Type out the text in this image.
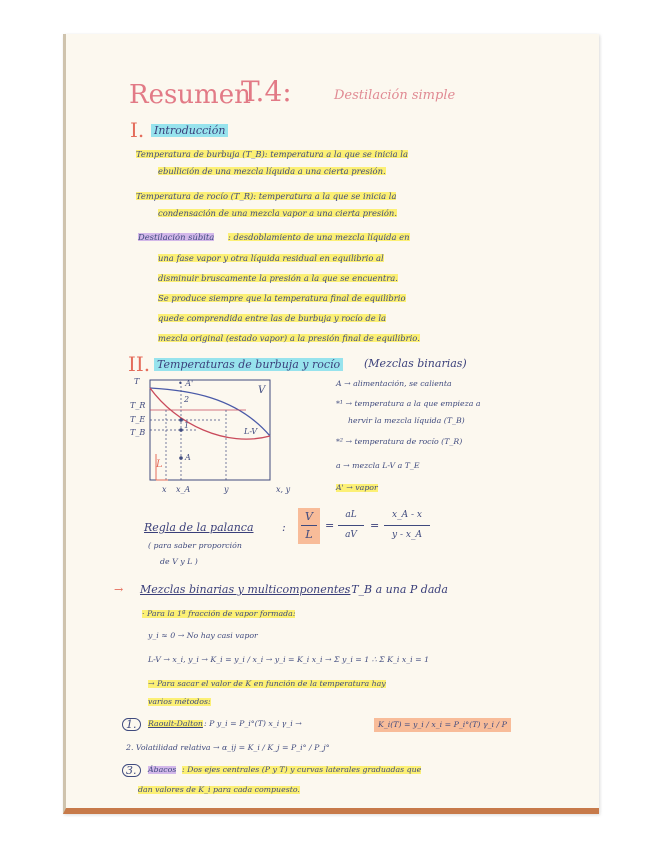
Resumen
T.4:	Destilación simple
I. Introducción
Temperatura de burbuja (T_B): temperatura a la que se inicia la
ebullición de una mezcla líquida a una cierta presión.
Temperatura de rocío (T_R): temperatura a la que se inicia la
condensación de una mezcla vapor a una cierta presión.
Destilación súbita : desdoblamiento de una mezcla líquida en
una fase vapor y otra líquida residual en equilibrio al
disminuir bruscamente la presión a la que se encuentra.
Se produce siempre que la temperatura final de equilibrio
quede comprendida entre las de burbuja y rocío de la
mezcla original (estado vapor) a la presión final de equilibrio.
II. Temperaturas de burbuja y rocío (Mezclas binarias)
T
T_R
T_E
T_B
• A'
2
1
A
V
L-V
L
x x_A	y	x, y
A → alimentación, se calienta
*¹ → temperatura a la que empieza a
hervir la mezcla líquida (T_B)
*² → temperatura de rocío (T_R)
a → mezcla L-V a T_E
A' → vapor
Regla de la palanca	:
( para saber proporción
de V y L )
V
L
=
aL
aV
=
x_A - x
y - x_A
→ Mezclas binarias y multicomponentes
: T_B a una P dada
· Para la 1ª fracción de vapor formada:
y_i ≈ 0 → No hay casi vapor
L-V → x_i, y_i → K_i = y_i / x_i → y_i = K_i x_i → Σ y_i = 1 ∴ Σ K_i x_i = 1
→ Para sacar el valor de K en función de la temperatura hay
varios métodos:
1.	Raoult-Dalton : P y_i = P_i°(T) x_i γ_i →	K_i(T) = y_i / x_i = P_i°(T) γ_i / P
2. Volatilidad relativa → α_ij = K_i / K_j = P_i° / P_j°
3.	Ábacos : Dos ejes centrales (P y T) y curvas laterales graduadas que
dan valores de K_i para cada compuesto.
